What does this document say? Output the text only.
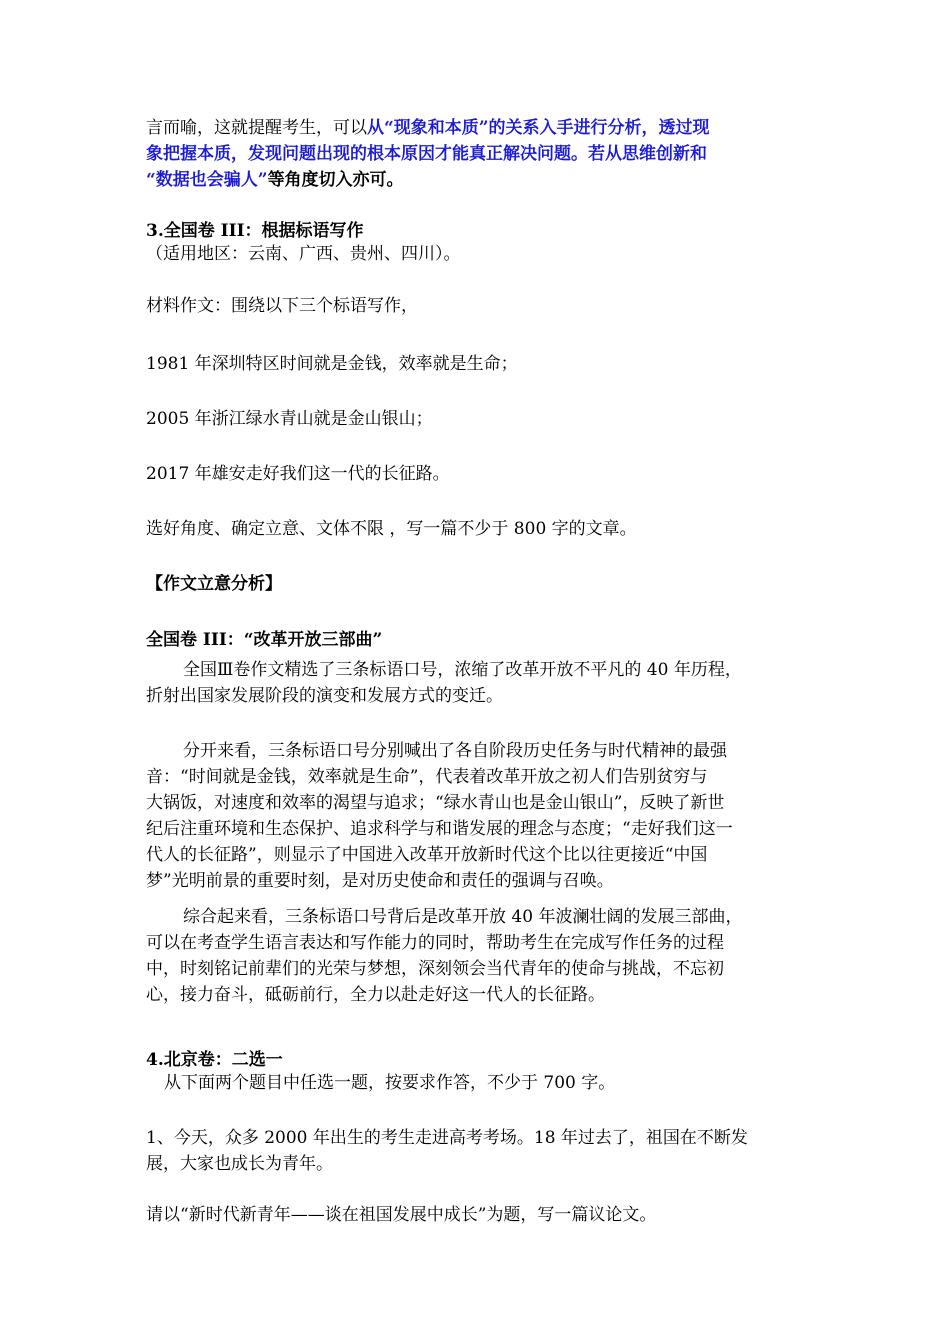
言而喻，这就提醒考生，可以从“现象和本质”的关系入手进行分析，透过现
象把握本质，发现问题出现的根本原因才能真正解决问题。若从思维创新和
“数据也会骗人”等角度切入亦可。
3.全国卷 III：根据标语写作
（适用地区：云南、广西、贵州、四川）。
材料作文：围绕以下三个标语写作，
1981 年深圳特区时间就是金钱，效率就是生命；
2005 年浙江绿水青山就是金山银山；
2017 年雄安走好我们这一代的长征路。
选好角度、确定立意、文体不限 ，写一篇不少于 800 字的文章。
【作文立意分析】
全国卷 III：“改革开放三部曲”
全国Ⅲ卷作文精选了三条标语口号，浓缩了改革开放不平凡的 40 年历程，
折射出国家发展阶段的演变和发展方式的变迁。
分开来看，三条标语口号分别喊出了各自阶段历史任务与时代精神的最强
音：“时间就是金钱，效率就是生命”，代表着改革开放之初人们告别贫穷与
大锅饭，对速度和效率的渴望与追求；“绿水青山也是金山银山”，反映了新世
纪后注重环境和生态保护、追求科学与和谐发展的理念与态度；“走好我们这一
代人的长征路”，则显示了中国进入改革开放新时代这个比以往更接近“中国
梦”光明前景的重要时刻，是对历史使命和责任的强调与召唤。
综合起来看，三条标语口号背后是改革开放 40 年波澜壮阔的发展三部曲，
可以在考查学生语言表达和写作能力的同时，帮助考生在完成写作任务的过程
中，时刻铭记前辈们的光荣与梦想，深刻领会当代青年的使命与挑战，不忘初
心，接力奋斗，砥砺前行，全力以赴走好这一代人的长征路。
4.北京卷：二选一
从下面两个题目中任选一题，按要求作答，不少于 700 字。
1、今天，众多 2000 年出生的考生走进高考考场。18 年过去了，祖国在不断发
展，大家也成长为青年。
请以“新时代新青年——谈在祖国发展中成长”为题，写一篇议论文。
